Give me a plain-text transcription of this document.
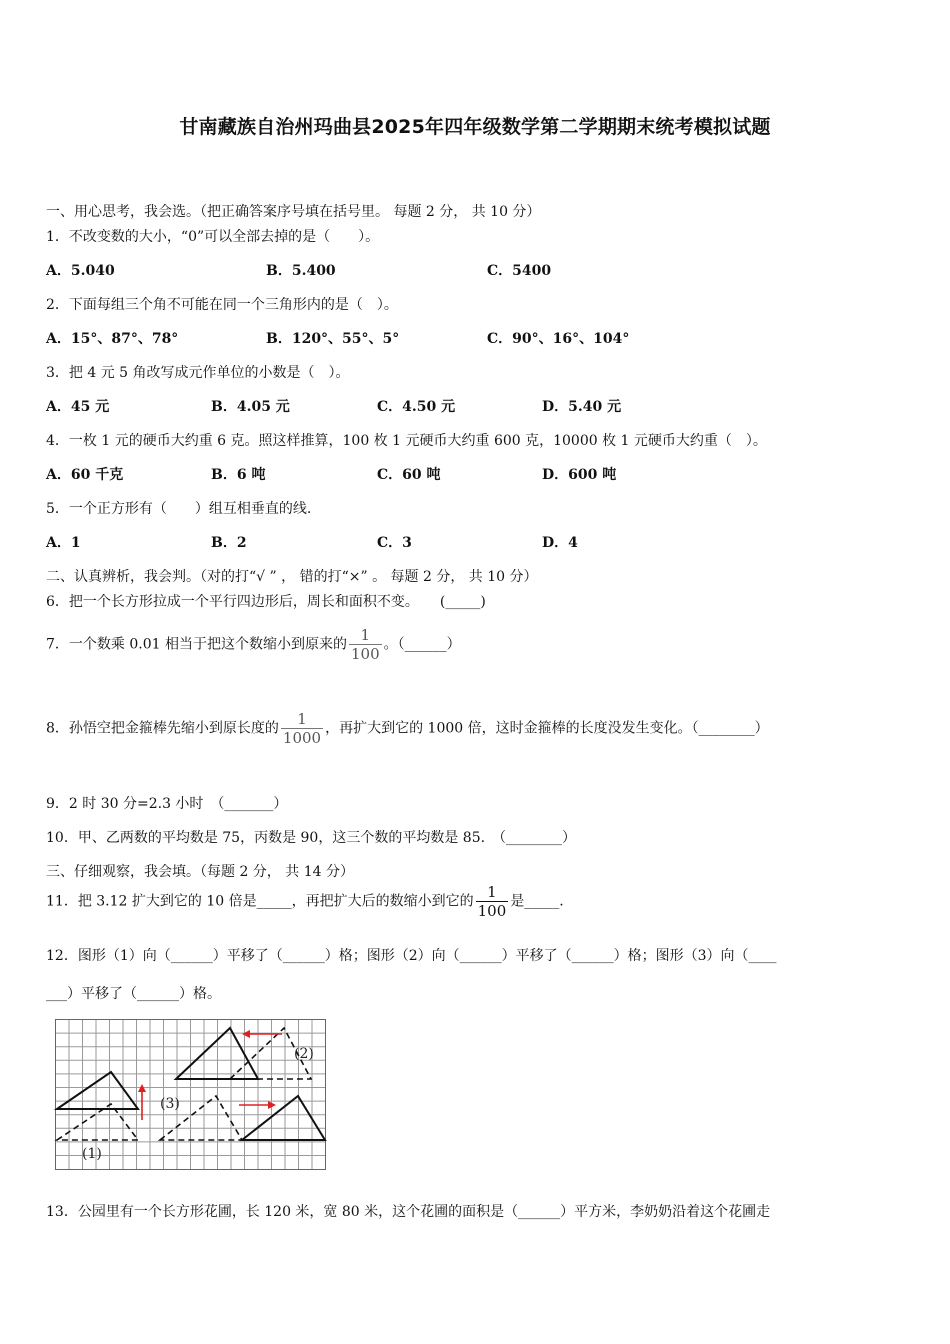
甘南藏族自治州玛曲县2025年四年级数学第二学期期末统考模拟试题
一、用心思考，我会选。（把正确答案序号填在括号里。 每题 2 分， 共 10 分）
1．不改变数的大小，“0”可以全部去掉的是（　　）。
A．5.040	B．5.400	C．5400
2．下面每组三个角不可能在同一个三角形内的是（　）。
A．15°、87°、78°	B．120°、55°、5°	C．90°、16°、104°
3．把 4 元 5 角改写成元作单位的小数是（　）。
A．45 元	B．4.05 元	C．4.50 元	D．5.40 元
4．一枚 1 元的硬币大约重 6 克。照这样推算，100 枚 1 元硬币大约重 600 克，10000 枚 1 元硬币大约重（　）。
A．60 千克	B．6 吨	C．60 吨	D．600 吨
5．一个正方形有（　　）组互相垂直的线.
A．1	B．2	C．3	D．4
二、认真辨析，我会判。（对的打“√ ” ， 错的打“×” 。 每题 2 分， 共 10 分）
6．把一个长方形拉成一个平行四边形后，周长和面积不变。　　(_____)
7．一个数乘 0.01 相当于把这个数缩小到原来的 $\frac{1}{100}$ 。（______）
8．孙悟空把金箍棒先缩小到原长度的 $\frac{1}{1000}$ ，再扩大到它的 1000 倍，这时金箍棒的长度没发生变化。（________）
9．2 时 30 分=2.3 小时　（_______）
10．甲、乙两数的平均数是 75，丙数是 90，这三个数的平均数是 85.　（________）
三、仔细观察，我会填。（每题 2 分， 共 14 分）
11．把 3.12 扩大到它的 10 倍是_____，再把扩大后的数缩小到它的 $\frac{1}{100}$ 是_____.
12．图形（1）向（______）平移了（______）格；图形（2）向（______）平移了（______）格；图形（3）向（____
___）平移了（______）格。
(1)
(2)
(3)
13．公园里有一个长方形花圃，长 120 米，宽 80 米，这个花圃的面积是（______）平方米，李奶奶沿着这个花圃走
